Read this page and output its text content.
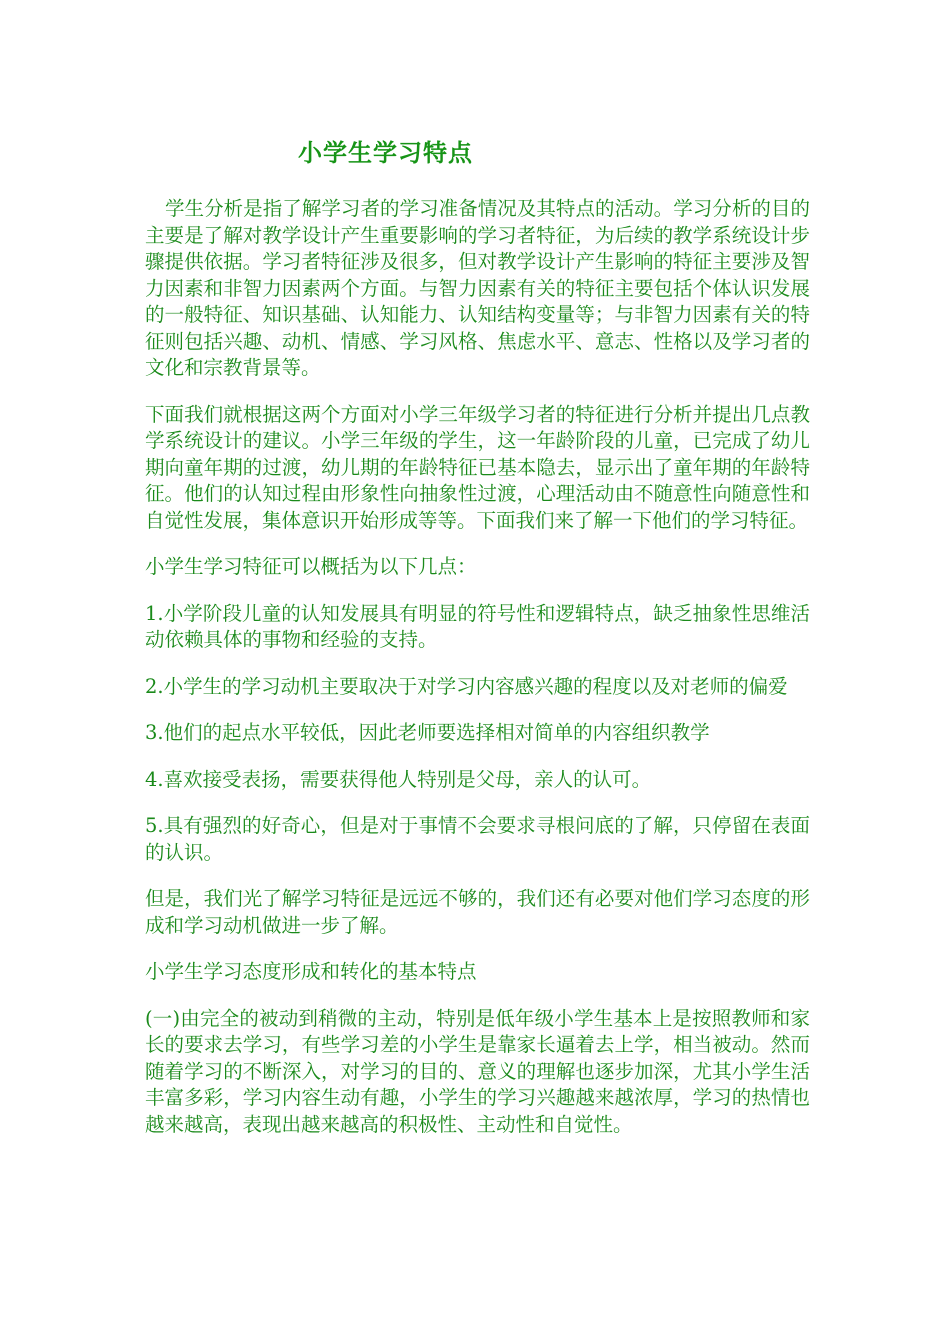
小学生学习特点

学生分析是指了解学习者的学习准备情况及其特点的活动。学习分析的目的主要是了解对教学设计产生重要影响的学习者特征，为后续的教学系统设计步骤提供依据。学习者特征涉及很多，但对教学设计产生影响的特征主要涉及智力因素和非智力因素两个方面。与智力因素有关的特征主要包括个体认识发展的一般特征、知识基础、认知能力、认知结构变量等；与非智力因素有关的特征则包括兴趣、动机、情感、学习风格、焦虑水平、意志、性格以及学习者的文化和宗教背景等。

下面我们就根据这两个方面对小学三年级学习者的特征进行分析并提出几点教学系统设计的建议。小学三年级的学生，这一年龄阶段的儿童，已完成了幼儿期向童年期的过渡，幼儿期的年龄特征已基本隐去，显示出了童年期的年龄特征。他们的认知过程由形象性向抽象性过渡，心理活动由不随意性向随意性和自觉性发展，集体意识开始形成等等。下面我们来了解一下他们的学习特征。

小学生学习特征可以概括为以下几点：

1.小学阶段儿童的认知发展具有明显的符号性和逻辑特点，缺乏抽象性思维活动依赖具体的事物和经验的支持。

2.小学生的学习动机主要取决于对学习内容感兴趣的程度以及对老师的偏爱

3.他们的起点水平较低，因此老师要选择相对简单的内容组织教学

4.喜欢接受表扬，需要获得他人特别是父母，亲人的认可。

5.具有强烈的好奇心，但是对于事情不会要求寻根问底的了解，只停留在表面的认识。

但是，我们光了解学习特征是远远不够的，我们还有必要对他们学习态度的形成和学习动机做进一步了解。

小学生学习态度形成和转化的基本特点

(一)由完全的被动到稍微的主动，特别是低年级小学生基本上是按照教师和家长的要求去学习，有些学习差的小学生是靠家长逼着去上学，相当被动。然而随着学习的不断深入，对学习的目的、意义的理解也逐步加深，尤其小学生活丰富多彩，学习内容生动有趣，小学生的学习兴趣越来越浓厚，学习的热情也越来越高，表现出越来越高的积极性、主动性和自觉性。
